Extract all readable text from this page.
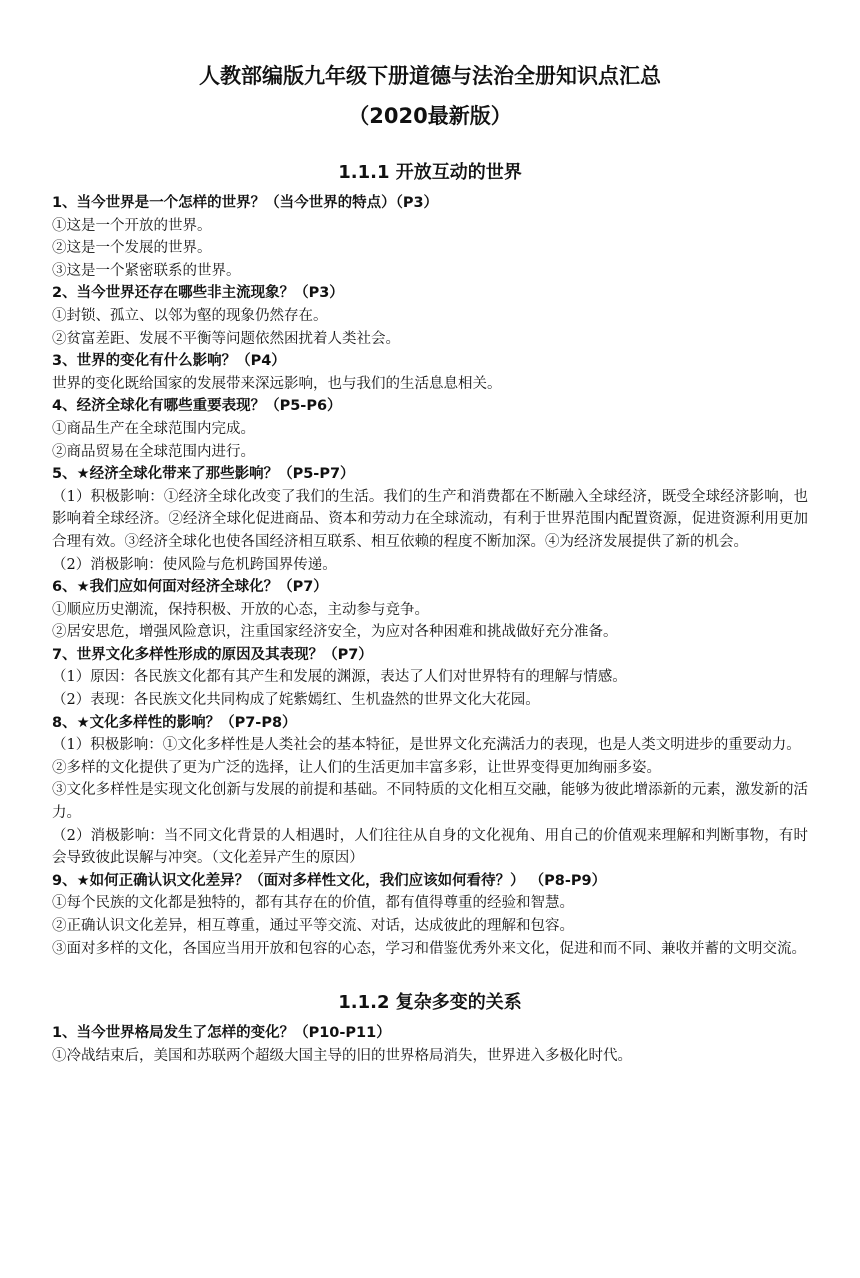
人教部编版九年级下册道德与法治全册知识点汇总
（2020最新版）
1.1.1 开放互动的世界
1、当今世界是一个怎样的世界？（当今世界的特点）（P3）
①这是一个开放的世界。
②这是一个发展的世界。
③这是一个紧密联系的世界。
2、当今世界还存在哪些非主流现象？（P3）
①封锁、孤立、以邻为壑的现象仍然存在。
②贫富差距、发展不平衡等问题依然困扰着人类社会。
3、世界的变化有什么影响？（P4）
世界的变化既给国家的发展带来深远影响，也与我们的生活息息相关。
4、经济全球化有哪些重要表现？（P5-P6）
①商品生产在全球范围内完成。
②商品贸易在全球范围内进行。
5、★经济全球化带来了那些影响？（P5-P7）
（1）积极影响：①经济全球化改变了我们的生活。我们的生产和消费都在不断融入全球经济，既受全球经济影响，也影响着全球经济。②经济全球化促进商品、资本和劳动力在全球流动，有利于世界范围内配置资源，促进资源利用更加合理有效。③经济全球化也使各国经济相互联系、相互依赖的程度不断加深。④为经济发展提供了新的机会。
（2）消极影响：使风险与危机跨国界传递。
6、★我们应如何面对经济全球化？（P7）
①顺应历史潮流，保持积极、开放的心态，主动参与竞争。
②居安思危，增强风险意识，注重国家经济安全，为应对各种困难和挑战做好充分准备。
7、世界文化多样性形成的原因及其表现？（P7）
（1）原因：各民族文化都有其产生和发展的渊源，表达了人们对世界特有的理解与情感。
（2）表现：各民族文化共同构成了姹紫嫣红、生机盎然的世界文化大花园。
8、★文化多样性的影响？（P7-P8）
（1）积极影响：①文化多样性是人类社会的基本特征，是世界文化充满活力的表现，也是人类文明进步的重要动力。
②多样的文化提供了更为广泛的选择，让人们的生活更加丰富多彩，让世界变得更加绚丽多姿。
③文化多样性是实现文化创新与发展的前提和基础。不同特质的文化相互交融，能够为彼此增添新的元素，激发新的活力。
（2）消极影响：当不同文化背景的人相遇时，人们往往从自身的文化视角、用自己的价值观来理解和判断事物，有时会导致彼此误解与冲突。（文化差异产生的原因）
9、★如何正确认识文化差异？（面对多样性文化，我们应该如何看待？） （P8-P9）
①每个民族的文化都是独特的，都有其存在的价值，都有值得尊重的经验和智慧。
②正确认识文化差异，相互尊重，通过平等交流、对话，达成彼此的理解和包容。
③面对多样的文化，各国应当用开放和包容的心态，学习和借鉴优秀外来文化，促进和而不同、兼收并蓄的文明交流。
1.1.2 复杂多变的关系
1、当今世界格局发生了怎样的变化？（P10-P11）
①冷战结束后，美国和苏联两个超级大国主导的旧的世界格局消失，世界进入多极化时代。
